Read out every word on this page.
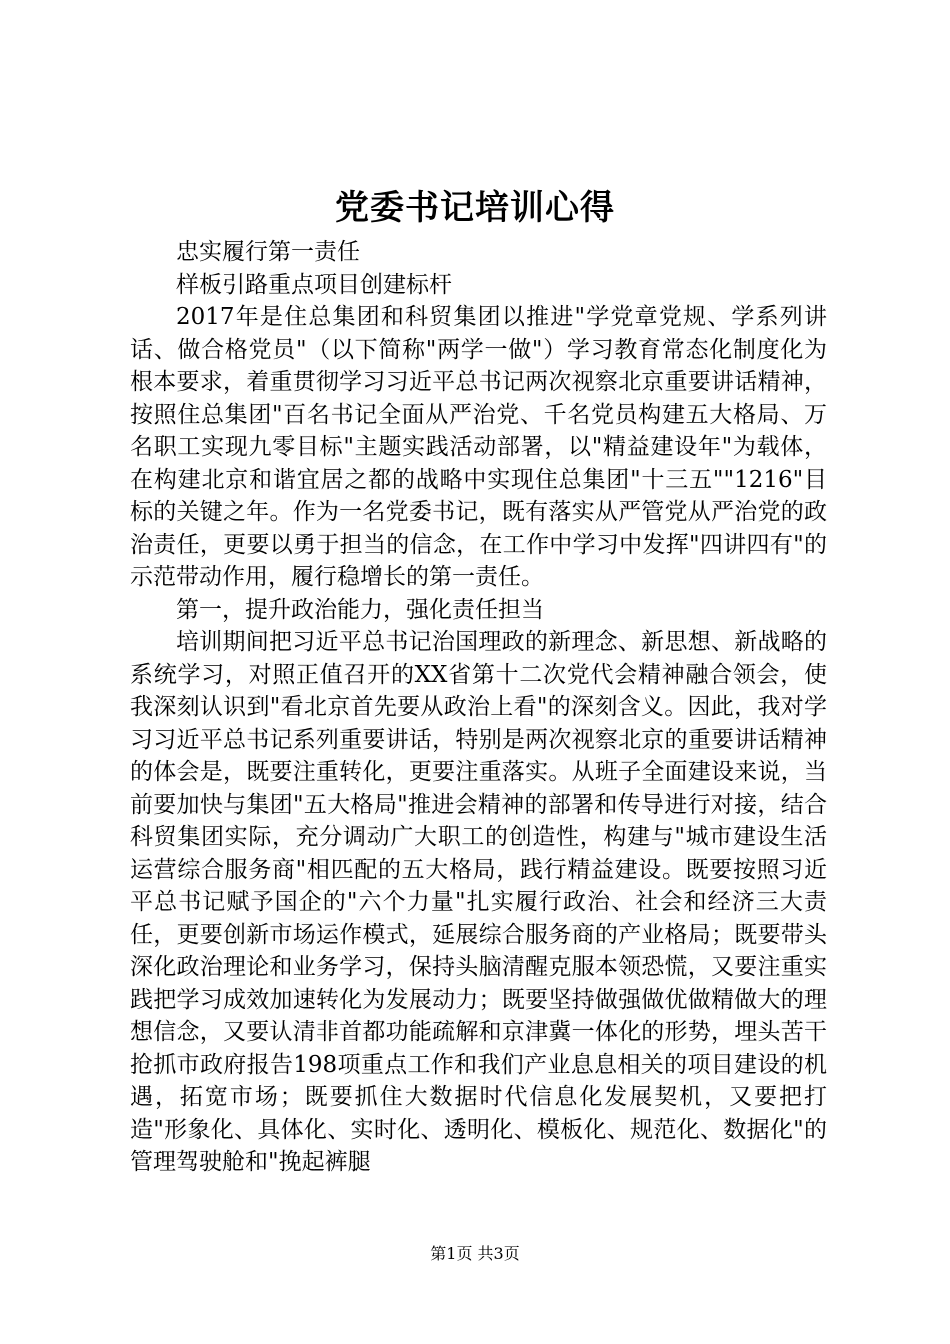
党委书记培训心得

忠实履行第一责任

样板引路重点项目创建标杆

2017年是住总集团和科贸集团以推进"学党章党规、学系列讲话、做合格党员"（以下简称"两学一做"）学习教育常态化制度化为根本要求，着重贯彻学习习近平总书记两次视察北京重要讲话精神，按照住总集团"百名书记全面从严治党、千名党员构建五大格局、万名职工实现九零目标"主题实践活动部署，以"精益建设年"为载体，在构建北京和谐宜居之都的战略中实现住总集团"十三五""1216"目标的关键之年。作为一名党委书记，既有落实从严管党从严治党的政治责任，更要以勇于担当的信念，在工作中学习中发挥"四讲四有"的示范带动作用，履行稳增长的第一责任。

第一，提升政治能力，强化责任担当

培训期间把习近平总书记治国理政的新理念、新思想、新战略的系统学习，对照正值召开的XX省第十二次党代会精神融合领会，使我深刻认识到"看北京首先要从政治上看"的深刻含义。因此，我对学习习近平总书记系列重要讲话，特别是两次视察北京的重要讲话精神的体会是，既要注重转化，更要注重落实。从班子全面建设来说，当前要加快与集团"五大格局"推进会精神的部署和传导进行对接，结合科贸集团实际，充分调动广大职工的创造性，构建与"城市建设生活运营综合服务商"相匹配的五大格局，践行精益建设。既要按照习近平总书记赋予国企的"六个力量"扎实履行政治、社会和经济三大责任，更要创新市场运作模式，延展综合服务商的产业格局；既要带头深化政治理论和业务学习，保持头脑清醒克服本领恐慌，又要注重实践把学习成效加速转化为发展动力；既要坚持做强做优做精做大的理想信念，又要认清非首都功能疏解和京津冀一体化的形势，埋头苦干抢抓市政府报告198项重点工作和我们产业息息相关的项目建设的机遇，拓宽市场；既要抓住大数据时代信息化发展契机，又要把打造"形象化、具体化、实时化、透明化、模板化、规范化、数据化"的管理驾驶舱和"挽起裤腿

第1页 共3页
